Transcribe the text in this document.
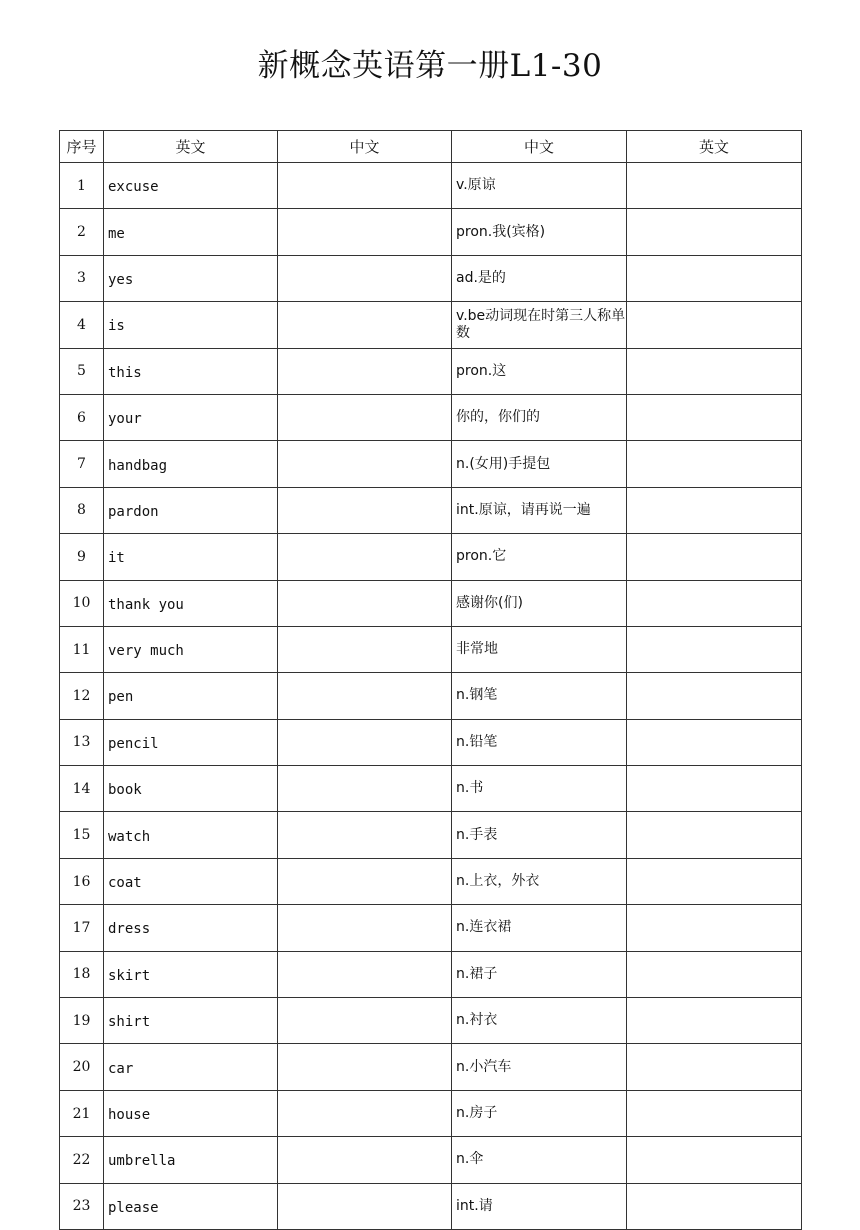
新概念英语第一册L1-30
序号	英文	中文	中文	英文
1	excuse		v.原谅	
2	me		pron.我(宾格)	
3	yes		ad.是的	
4	is		v.be动词现在时第三人称单数	
5	this		pron.这	
6	your		你的，你们的	
7	handbag		n.(女用)手提包	
8	pardon		int.原谅，请再说一遍	
9	it		pron.它	
10	thank you		感谢你(们)	
11	very much		非常地	
12	pen		n.钢笔	
13	pencil		n.铅笔	
14	book		n.书	
15	watch		n.手表	
16	coat		n.上衣，外衣	
17	dress		n.连衣裙	
18	skirt		n.裙子	
19	shirt		n.衬衣	
20	car		n.小汽车	
21	house		n.房子	
22	umbrella		n.伞	
23	please		int.请	
